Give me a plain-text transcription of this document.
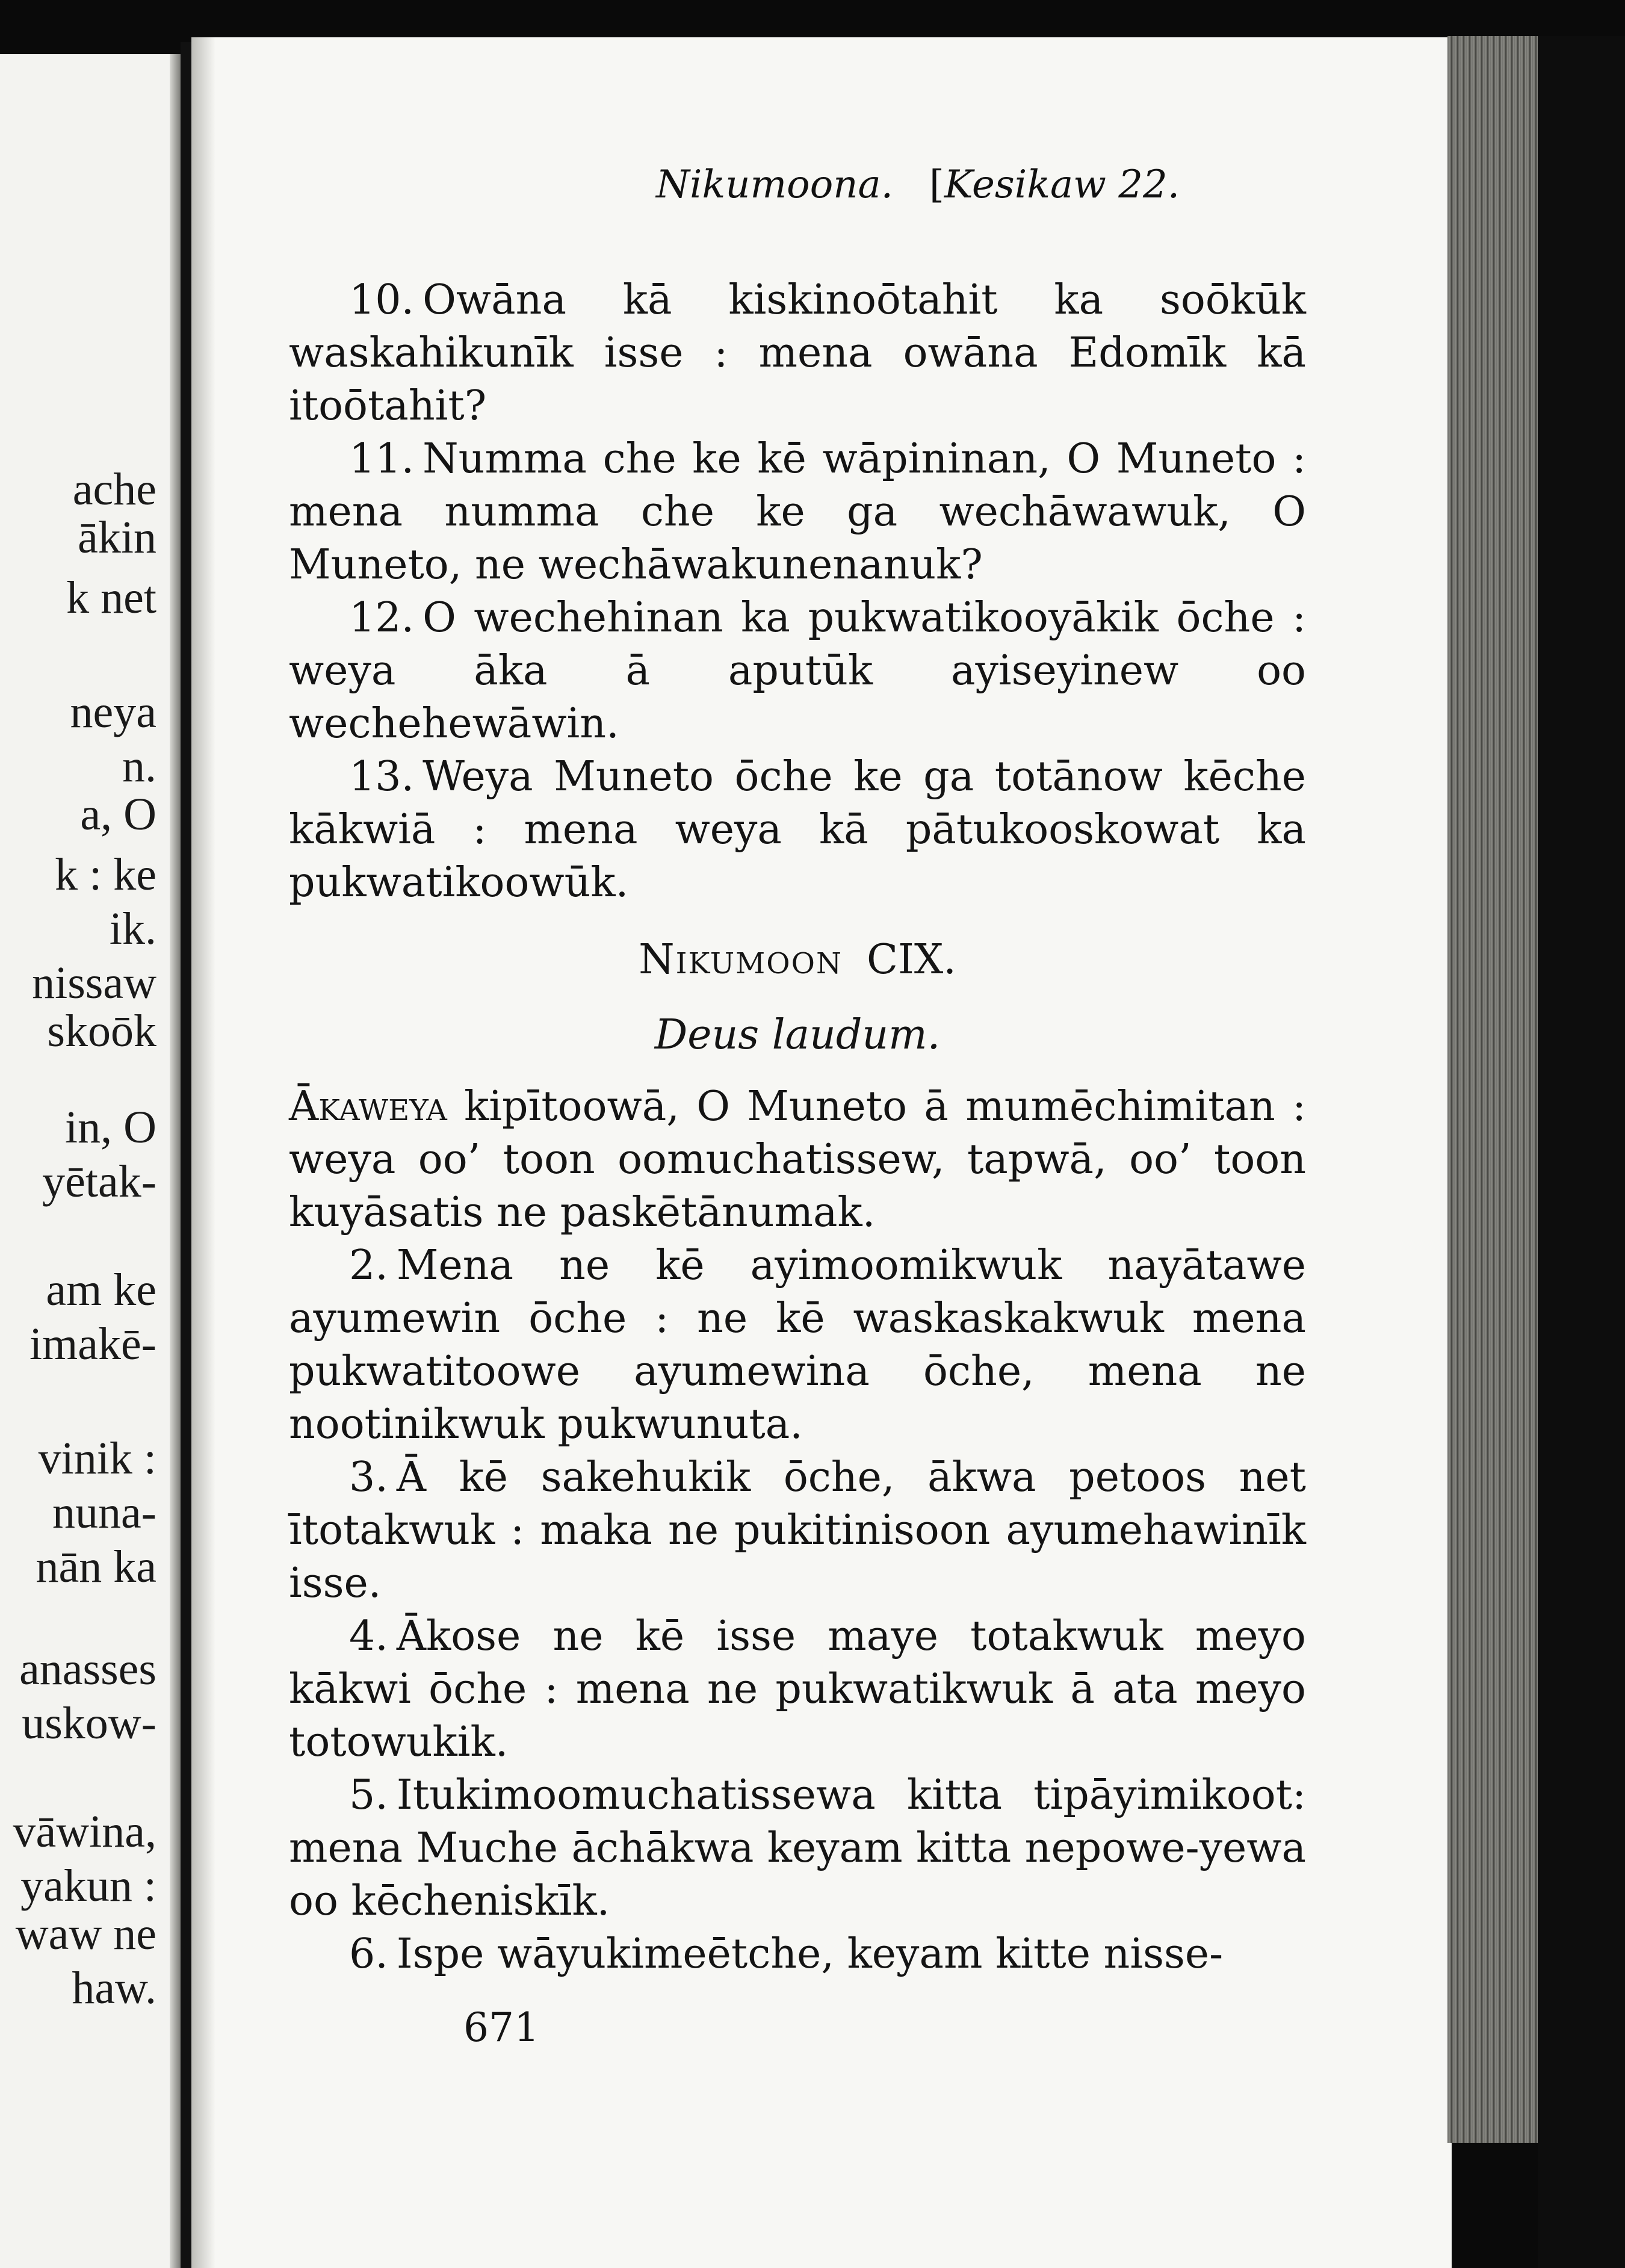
ache
ākin
k net
neya
n.
a, O
k : ke
ik.
nissaw
skoōk
in, O
yētak-
am ke
imakē-
vinik :
nuna-
nān ka
anasses
uskow-
vāwina,
yakun :
waw ne
haw.
Nikumoona. [Kesikaw 22.

10. Owāna kā kiskinoōtahit ka soōkūk waskahikunīk isse : mena owāna Edomīk kā itoōtahit?

11. Numma che ke kē wāpininan, O Muneto : mena numma che ke ga wechāwawuk, O Muneto, ne wechāwakunenanuk?

12. O wechehinan ka pukwatikooyākik ōche : weya āka ā aputūk ayiseyinew oo wechehewāwin.

13. Weya Muneto ōche ke ga totānow kēche kākwiā : mena weya kā pātukooskowat ka pukwatikoowūk.

Nikumoon CIX.
Deus laudum.

Ākaweya kipītoowā, O Muneto ā mumēchimitan : weya oo’ toon oomuchatissew, tapwā, oo’ toon kuyāsatis ne paskētānumak.

2. Mena ne kē ayimoomikwuk nayātawe ayumewin ōche : ne kē waskaskakwuk mena pukwatitoowe ayumewina ōche, mena ne nootinikwuk pukwunuta.

3. Ā kē sakehukik ōche, ākwa petoos net ītotakwuk : maka ne pukitinisoon ayumehawinīk isse.

4. Ākose ne kē isse maye totakwuk meyo kākwi ōche : mena ne pukwatikwuk ā ata meyo totowukik.

5. Itukimoomuchatissewa kitta tipāyimikoot: mena Muche āchākwa keyam kitta nepowe-yewa oo kēcheniskīk.

6. Ispe wāyukimeētche, keyam kitte nisse-

671
